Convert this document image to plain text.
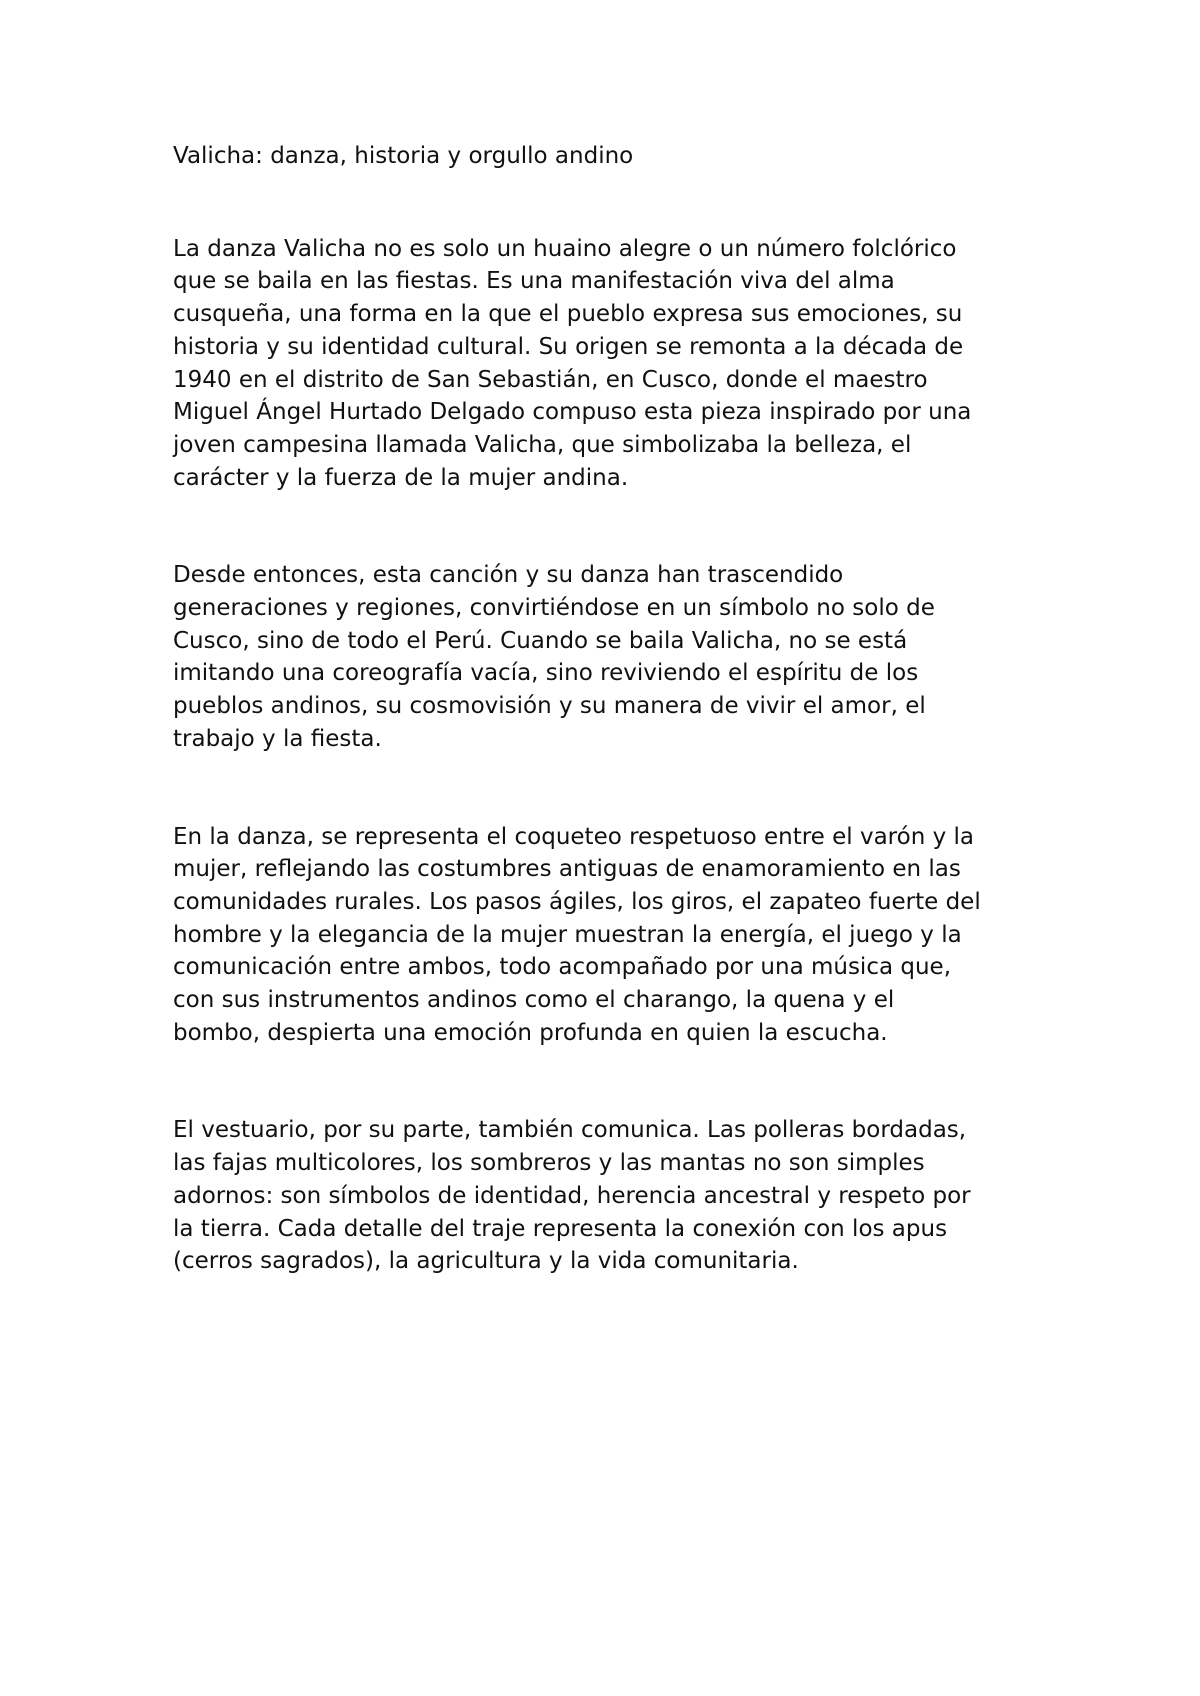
Valicha: danza, historia y orgullo andino

La danza Valicha no es solo un huaino alegre o un número folclórico
que se baila en las fiestas. Es una manifestación viva del alma
cusqueña, una forma en la que el pueblo expresa sus emociones, su
historia y su identidad cultural. Su origen se remonta a la década de
1940 en el distrito de San Sebastián, en Cusco, donde el maestro
Miguel Ángel Hurtado Delgado compuso esta pieza inspirado por una
joven campesina llamada Valicha, que simbolizaba la belleza, el
carácter y la fuerza de la mujer andina.

Desde entonces, esta canción y su danza han trascendido
generaciones y regiones, convirtiéndose en un símbolo no solo de
Cusco, sino de todo el Perú. Cuando se baila Valicha, no se está
imitando una coreografía vacía, sino reviviendo el espíritu de los
pueblos andinos, su cosmovisión y su manera de vivir el amor, el
trabajo y la fiesta.

En la danza, se representa el coqueteo respetuoso entre el varón y la
mujer, reflejando las costumbres antiguas de enamoramiento en las
comunidades rurales. Los pasos ágiles, los giros, el zapateo fuerte del
hombre y la elegancia de la mujer muestran la energía, el juego y la
comunicación entre ambos, todo acompañado por una música que,
con sus instrumentos andinos como el charango, la quena y el
bombo, despierta una emoción profunda en quien la escucha.

El vestuario, por su parte, también comunica. Las polleras bordadas,
las fajas multicolores, los sombreros y las mantas no son simples
adornos: son símbolos de identidad, herencia ancestral y respeto por
la tierra. Cada detalle del traje representa la conexión con los apus
(cerros sagrados), la agricultura y la vida comunitaria.
